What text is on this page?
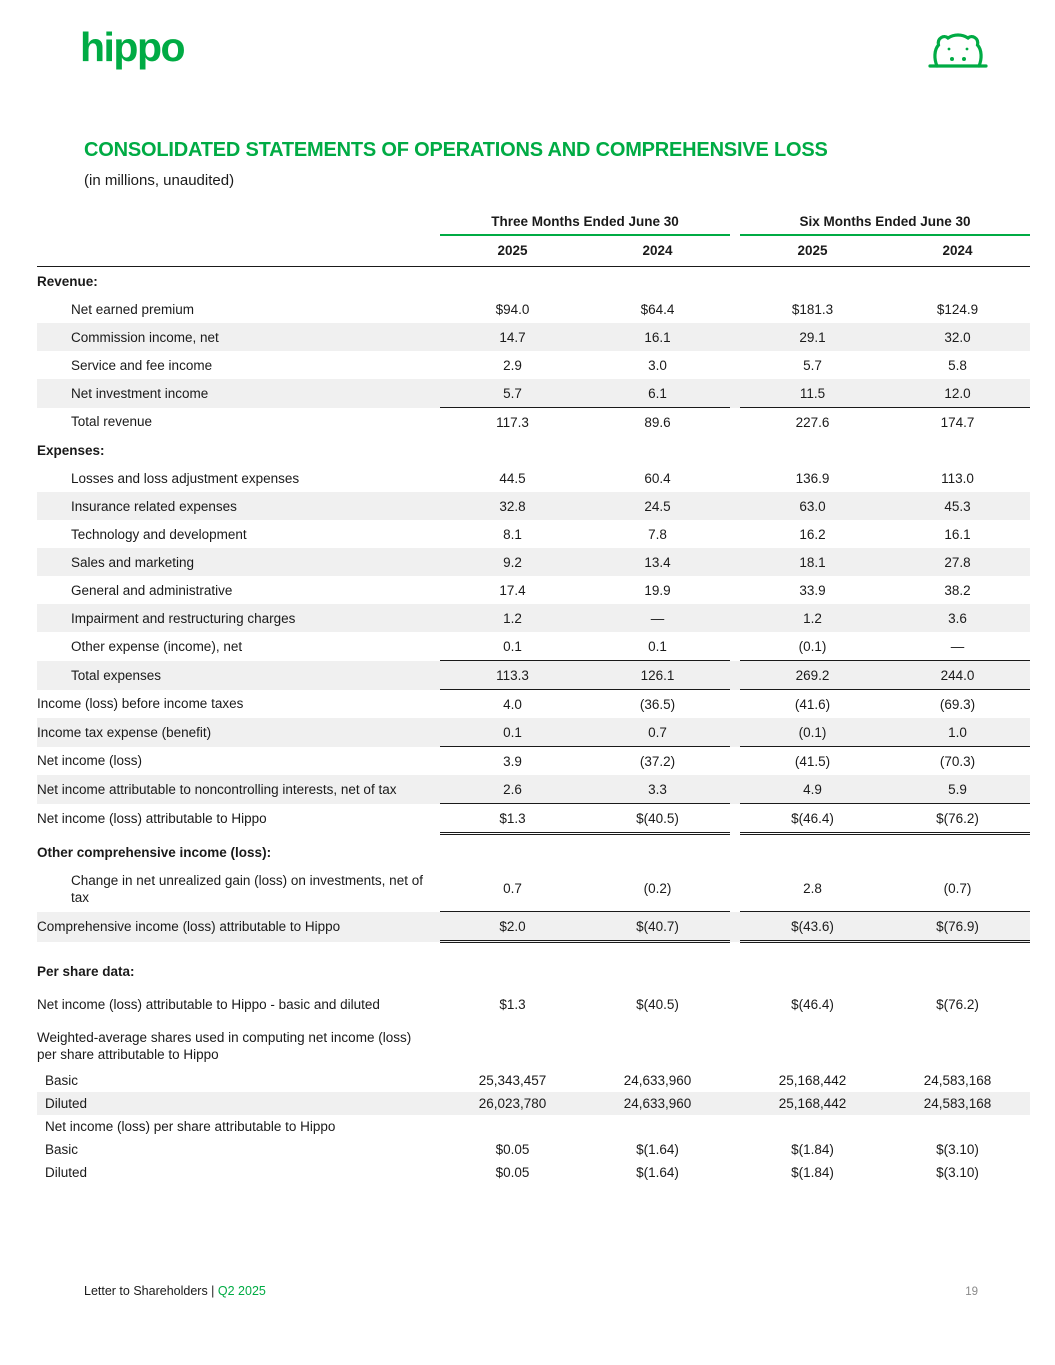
hippo
CONSOLIDATED STATEMENTS OF OPERATIONS AND COMPREHENSIVE LOSS
(in millions, unaudited)
	Three Months Ended June 30			Six Months Ended June 30	
	2025	2024		2025	2024
Revenue:					
Net earned premium	$94.0	$64.4		$181.3	$124.9
Commission income, net	14.7	16.1		29.1	32.0
Service and fee income	2.9	3.0		5.7	5.8
Net investment income	5.7	6.1		11.5	12.0
Total revenue	117.3	89.6		227.6	174.7
Expenses:					
Losses and loss adjustment expenses	44.5	60.4		136.9	113.0
Insurance related expenses	32.8	24.5		63.0	45.3
Technology and development	8.1	7.8		16.2	16.1
Sales and marketing	9.2	13.4		18.1	27.8
General and administrative	17.4	19.9		33.9	38.2
Impairment and restructuring charges	1.2	—		1.2	3.6
Other expense (income), net	0.1	0.1		(0.1)	—
Total expenses	113.3	126.1		269.2	244.0
Income (loss) before income taxes	4.0	(36.5)		(41.6)	(69.3)
Income tax expense (benefit)	0.1	0.7		(0.1)	1.0
Net income (loss)	3.9	(37.2)		(41.5)	(70.3)
Net income attributable to noncontrolling interests, net of tax	2.6	3.3		4.9	5.9
Net income (loss) attributable to Hippo	$1.3	$(40.5)		$(46.4)	$(76.2)

Other comprehensive income (loss):					
Change in net unrealized gain (loss) on investments, net of tax	0.7	(0.2)		2.8	(0.7)
Comprehensive income (loss) attributable to Hippo	$2.0	$(40.7)		$(43.6)	$(76.9)

Per share data:					

Net income (loss) attributable to Hippo - basic and diluted	$1.3	$(40.5)		$(46.4)	$(76.2)

Weighted-average shares used in computing net income (loss) per share attributable to Hippo					
Basic	25,343,457	24,633,960		25,168,442	24,583,168
Diluted	26,023,780	24,633,960		25,168,442	24,583,168
Net income (loss) per share attributable to Hippo					
Basic	$0.05	$(1.64)		$(1.84)	$(3.10)
Diluted	$0.05	$(1.64)		$(1.84)	$(3.10)
Letter to Shareholders | Q2 2025	19
